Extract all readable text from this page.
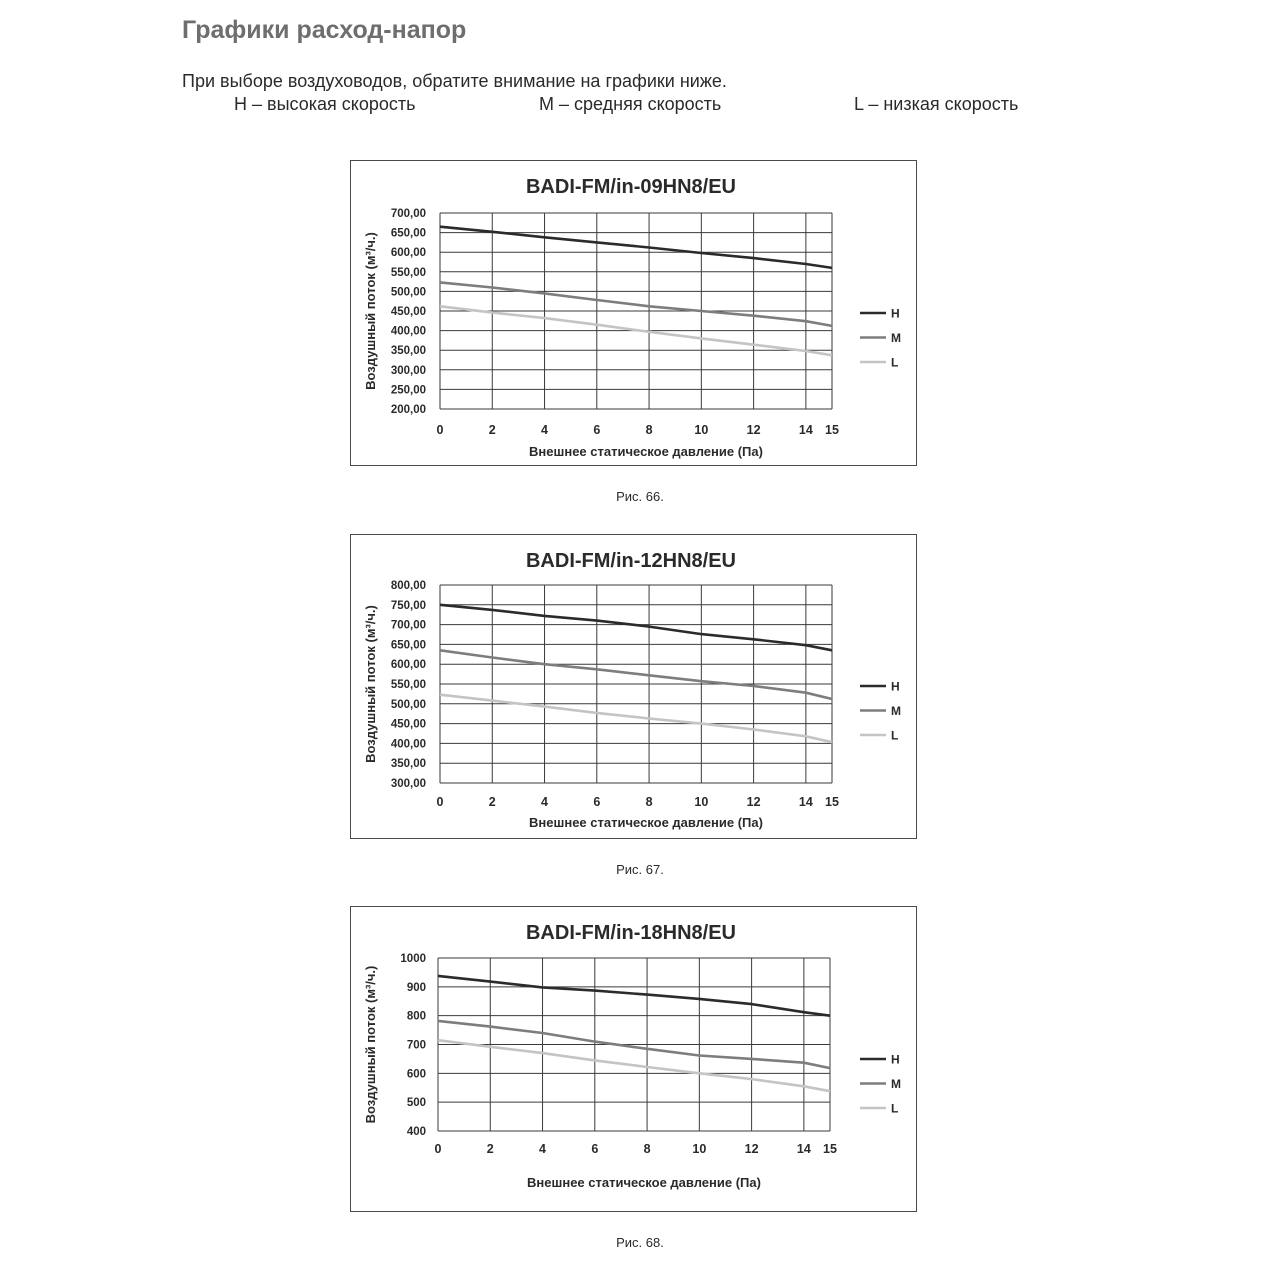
Графики расход-напор
При выборе воздуховодов, обратите внимание на графики ниже.
H – высокая скорость	M – средняя скорость	L – низкая скорость
BADI-FM/in-09HN8/EU
200,00
250,00
300,00
350,00
400,00
450,00
500,00
550,00
600,00
650,00
700,00
0	2	4	6	8	10	12	14 15
Внешнее статическое давление (Па)
Воздушный поток (м³/ч.)	H
M
L
Рис. 66.
BADI-FM/in-12HN8/EU
300,00
350,00
400,00
450,00
500,00
550,00
600,00
650,00
700,00
750,00
800,00
0	2	4	6	8	10	12	14 15
Внешнее статическое давление (Па)
Воздушный поток (м³/ч.)	H
M
L
Рис. 67.
BADI-FM/in-18HN8/EU
400
500
600
700
800
900
1000
0	2	4	6	8	10	12	14 15
Внешнее статическое давление (Па)
Воздушный поток (м³/ч.)	H
M
L
Рис. 68.
